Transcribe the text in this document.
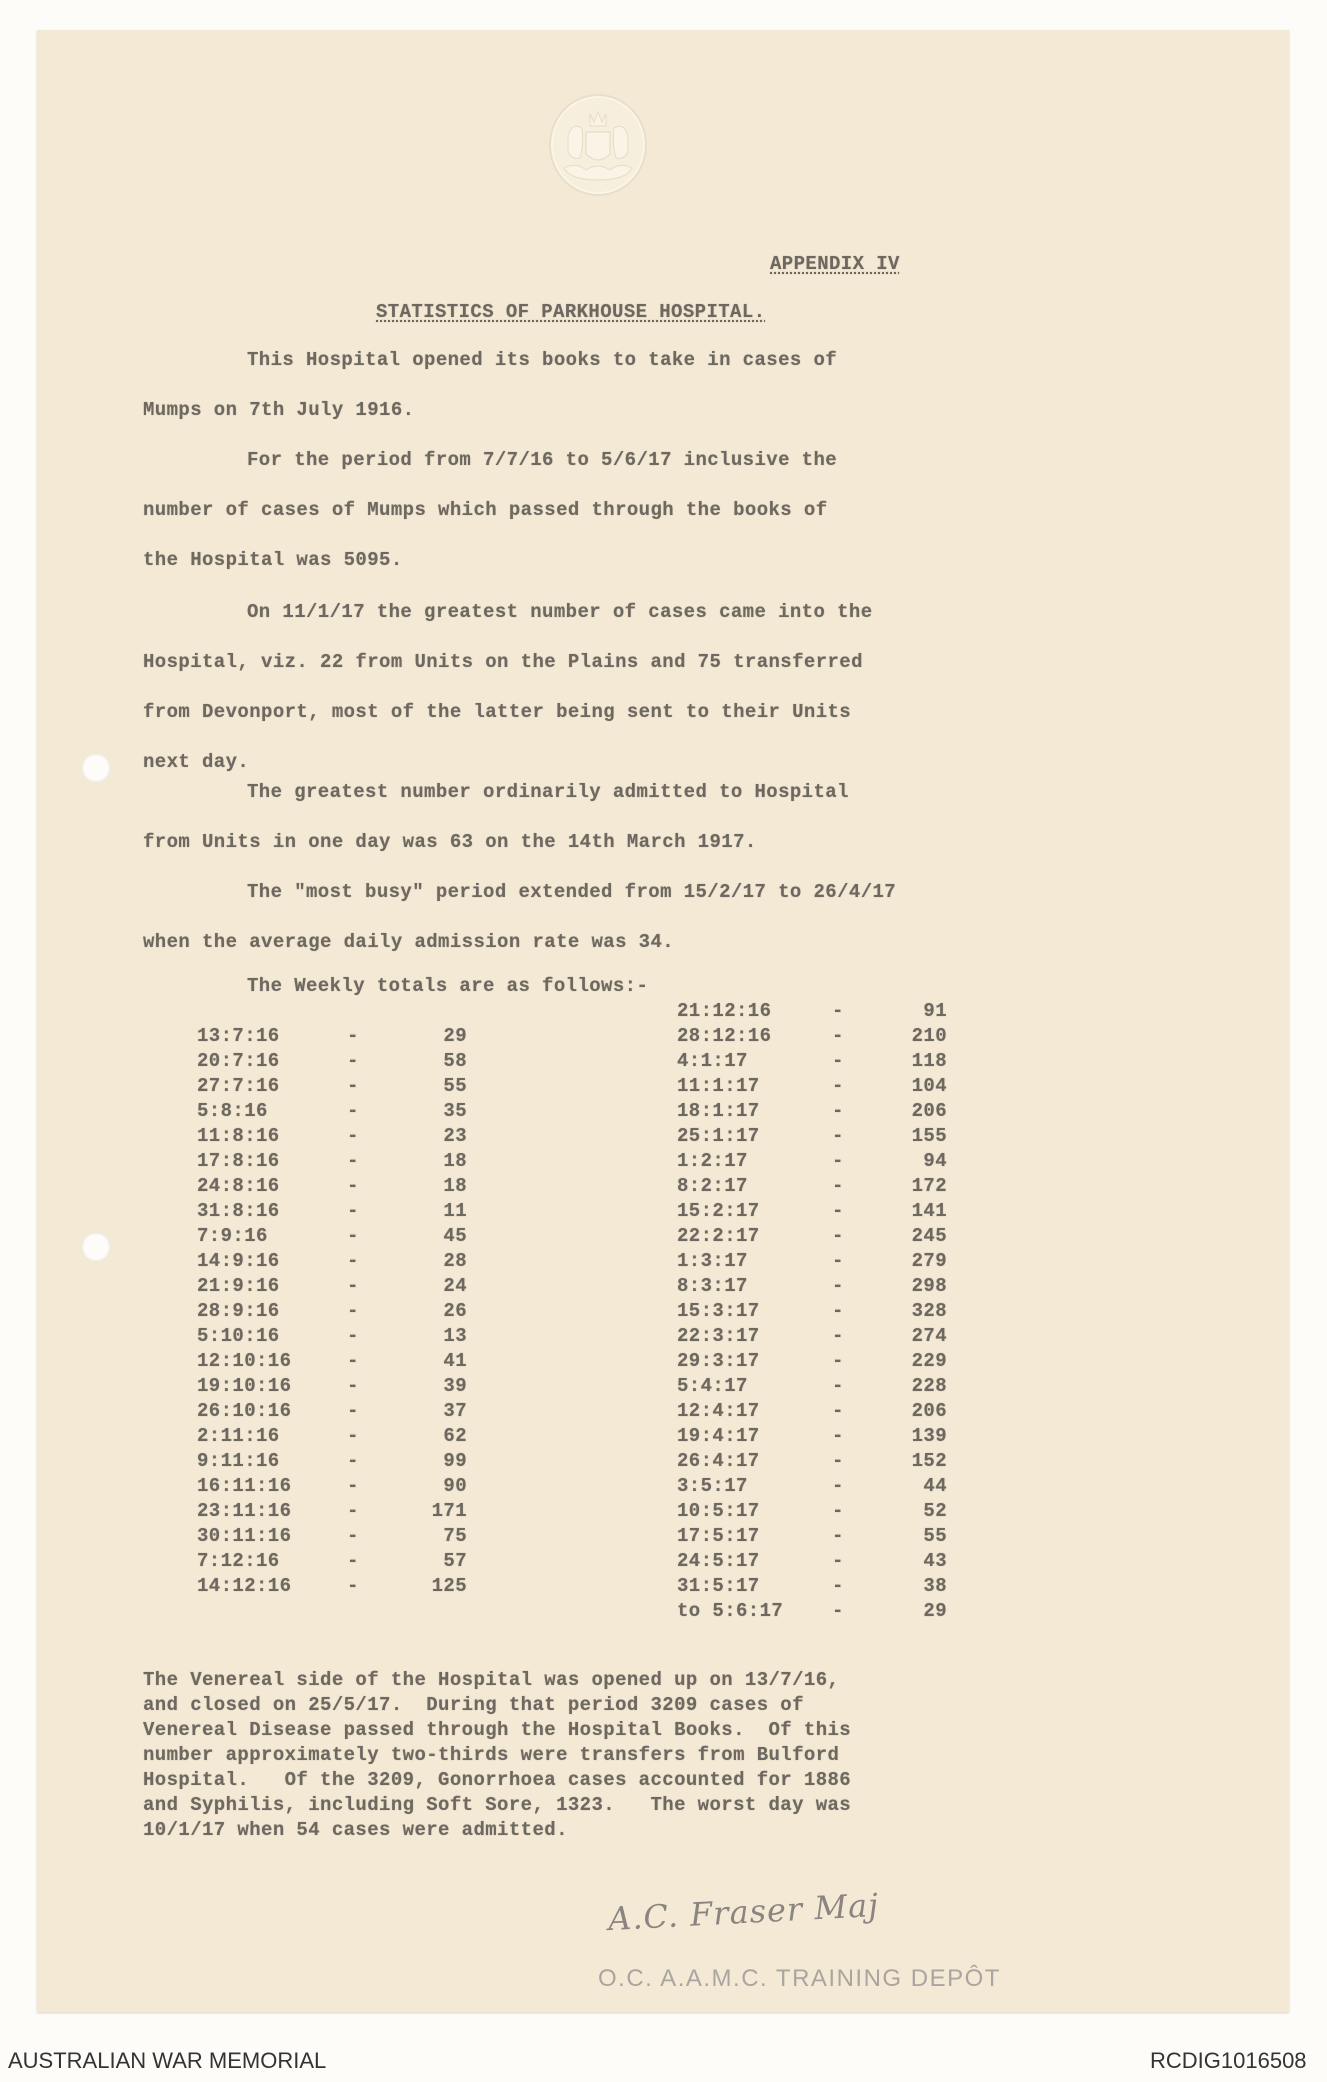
APPENDIX IV
STATISTICS OF PARKHOUSE HOSPITAL.
This Hospital opened its books to take in cases of
Mumps on 7th July 1916.
For the period from 7/7/16 to 5/6/17 inclusive the
number of cases of Mumps which passed through the books of
the Hospital was 5095.
On 11/1/17 the greatest number of cases came into the
Hospital, viz. 22 from Units on the Plains and 75 transferred
from Devonport, most of the latter being sent to their Units
next day.
The greatest number ordinarily admitted to Hospital
from Units in one day was 63 on the 14th March 1917.
The "most busy" period extended from 15/2/17 to 26/4/17
when the average daily admission rate was 34.
The Weekly totals are as follows:-
13:7:16	-	29
20:7:16	-	58
27:7:16	-	55
5:8:16	-	35
11:8:16	-	23
17:8:16	-	18
24:8:16	-	18
31:8:16	-	11
7:9:16	-	45
14:9:16	-	28
21:9:16	-	24
28:9:16	-	26
5:10:16	-	13
12:10:16	-	41
19:10:16	-	39
26:10:16	-	37
2:11:16	-	62
9:11:16	-	99
16:11:16	-	90
23:11:16	-	171
30:11:16	-	75
7:12:16	-	57
14:12:16	-	125
21:12:16	-	91
28:12:16	-	210
4:1:17	-	118
11:1:17	-	104
18:1:17	-	206
25:1:17	-	155
1:2:17	-	94
8:2:17	-	172
15:2:17	-	141
22:2:17	-	245
1:3:17	-	279
8:3:17	-	298
15:3:17	-	328
22:3:17	-	274
29:3:17	-	229
5:4:17	-	228
12:4:17	-	206
19:4:17	-	139
26:4:17	-	152
3:5:17	-	44
10:5:17	-	52
17:5:17	-	55
24:5:17	-	43
31:5:17	-	38
to 5:6:17	-	29
The Venereal side of the Hospital was opened up on 13/7/16,
and closed on 25/5/17.  During that period 3209 cases of
Venereal Disease passed through the Hospital Books.  Of this
number approximately two-thirds were transfers from Bulford
Hospital.   Of the 3209, Gonorrhoea cases accounted for 1886
and Syphilis, including Soft Sore, 1323.   The worst day was
10/1/17 when 54 cases were admitted.
A.C. Fraser Maj
O.C. A.A.M.C. TRAINING DEPÔT
AUSTRALIAN WAR MEMORIAL	RCDIG1016508
